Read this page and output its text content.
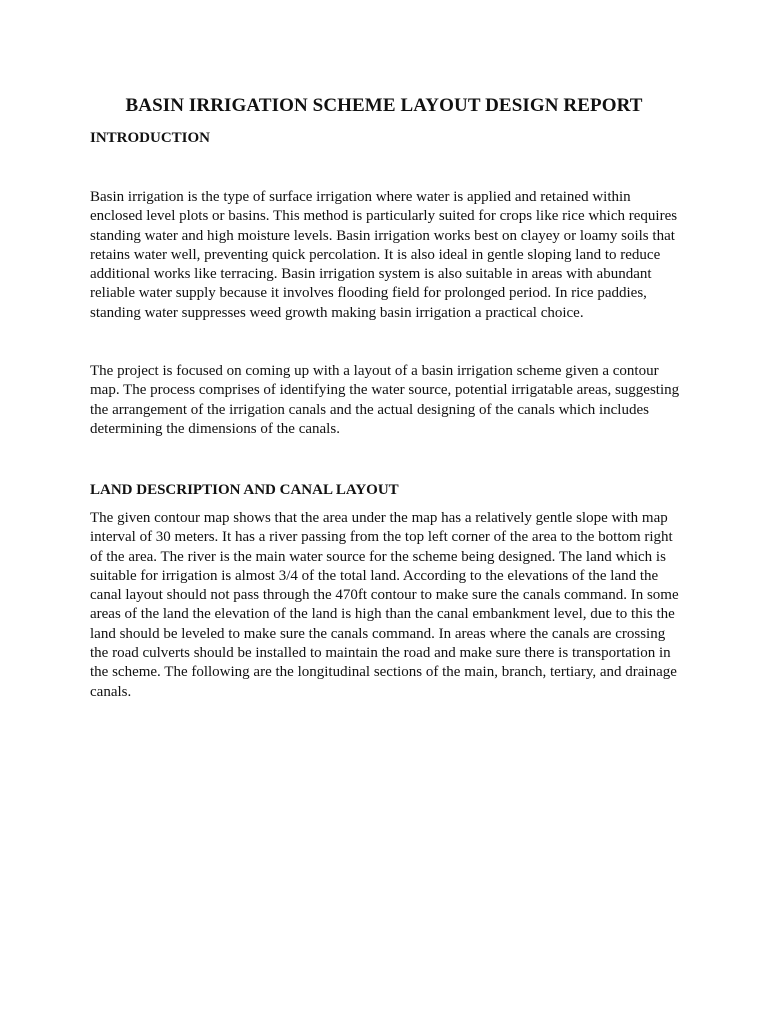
BASIN IRRIGATION SCHEME LAYOUT DESIGN REPORT
INTRODUCTION

Basin irrigation is the type of surface irrigation where water is applied and retained within enclosed level plots or basins. This method is particularly suited for crops like rice which requires standing water and high moisture levels. Basin irrigation works best on clayey or loamy soils that retains water well, preventing quick percolation. It is also ideal in gentle sloping land to reduce additional works like terracing. Basin irrigation system is also suitable in areas with abundant reliable water supply because it involves flooding field for prolonged period. In rice paddies, standing water suppresses weed growth making basin irrigation a practical choice.

The project is focused on coming up with a layout of a basin irrigation scheme given a contour map. The process comprises of identifying the water source, potential irrigatable areas, suggesting the arrangement of the irrigation canals and the actual designing of the canals which includes determining the dimensions of the canals.

LAND DESCRIPTION AND CANAL LAYOUT

The given contour map shows that the area under the map has a relatively gentle slope with map interval of 30 meters. It has a river passing from the top left corner of the area to the bottom right of the area. The river is the main water source for the scheme being designed. The land which is suitable for irrigation is almost 3/4 of the total land. According to the elevations of the land the canal layout should not pass through the 470ft contour to make sure the canals command. In some areas of the land the elevation of the land is high than the canal embankment level, due to this the land should be leveled to make sure the canals command. In areas where the canals are crossing the road culverts should be installed to maintain the road and make sure there is transportation in the scheme. The following are the longitudinal sections of the main, branch, tertiary, and drainage canals.
